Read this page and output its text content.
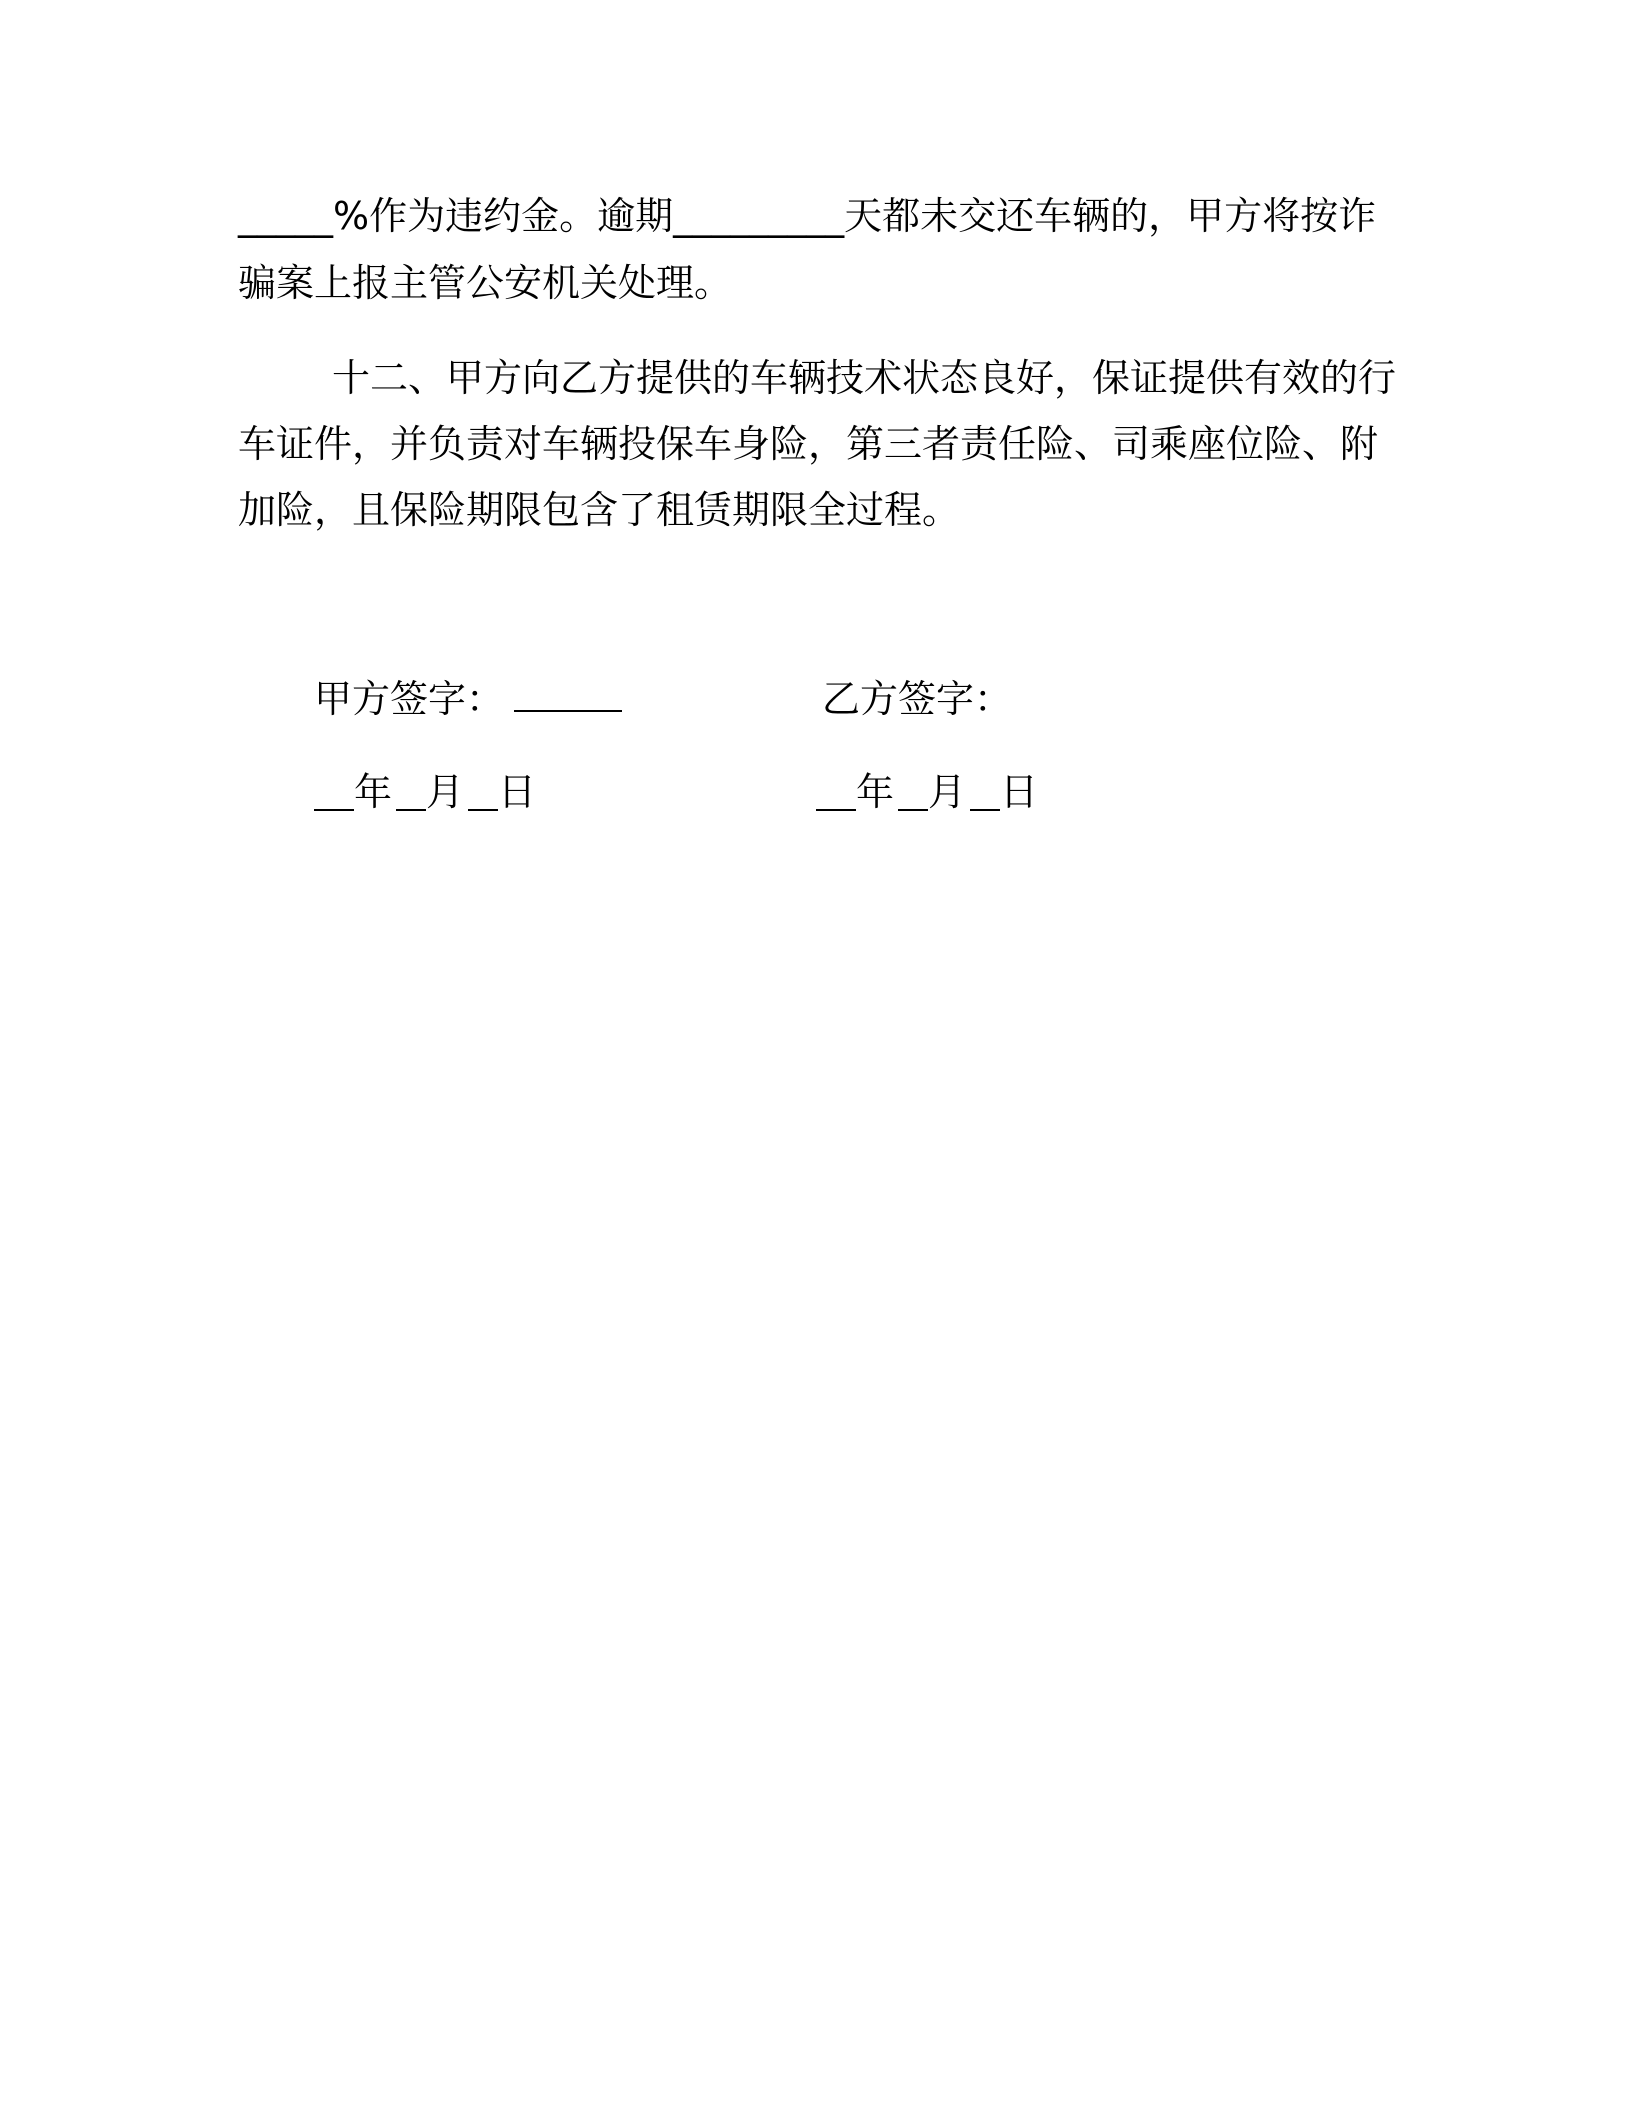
_____%作为违约金。逾期_________天都未交还车辆的，甲方将按诈
骗案上报主管公安机关处理。
十二、甲方向乙方提供的车辆技术状态良好，保证提供有效的行
车证件，并负责对车辆投保车身险，第三者责任险、司乘座位险、附
加险，且保险期限包含了租赁期限全过程。
甲方签字：	乙方签字：
年 月 日	年 月 日
